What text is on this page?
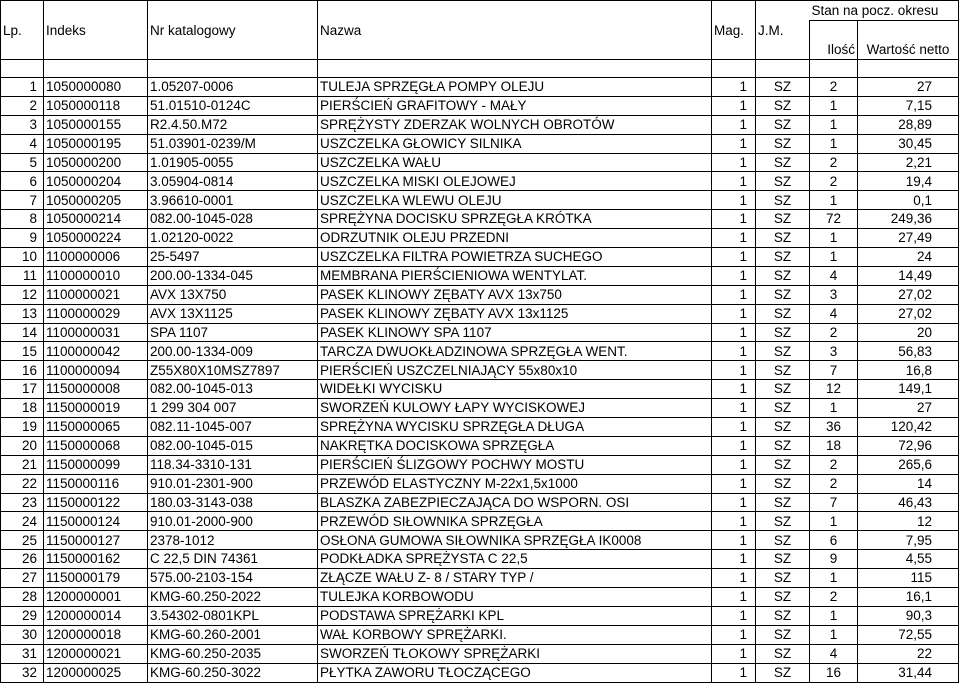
						Stan na pocz. okresu	
Lp.	Indeks	Nr katalogowy	Nazwa	Mag.	J.M.		
						Ilość	Wartość netto

1	1050000080	1.05207-0006	TULEJA SPRZĘGŁA POMPY OLEJU	1	SZ	2	27
2	1050000118	51.01510-0124C	PIERŚCIEŃ GRAFITOWY - MAŁY	1	SZ	1	7,15
3	1050000155	R2.4.50.M72	SPRĘŻYSTY ZDERZAK WOLNYCH OBROTÓW	1	SZ	1	28,89
4	1050000195	51.03901-0239/M	USZCZELKA GŁOWICY SILNIKA	1	SZ	1	30,45
5	1050000200	1.01905-0055	USZCZELKA WAŁU	1	SZ	2	2,21
6	1050000204	3.05904-0814	USZCZELKA MISKI OLEJOWEJ	1	SZ	2	19,4
7	1050000205	3.96610-0001	USZCZELKA WLEWU OLEJU	1	SZ	1	0,1
8	1050000214	082.00-1045-028	SPRĘŻYNA DOCISKU SPRZĘGŁA KRÓTKA	1	SZ	72	249,36
9	1050000224	1.02120-0022	ODRZUTNIK OLEJU PRZEDNI	1	SZ	1	27,49
10	1100000006	25-5497	USZCZELKA FILTRA POWIETRZA SUCHEGO	1	SZ	1	24
11	1100000010	200.00-1334-045	MEMBRANA PIERŚCIENIOWA WENTYLAT.	1	SZ	4	14,49
12	1100000021	AVX 13X750	PASEK KLINOWY ZĘBATY AVX 13x750	1	SZ	3	27,02
13	1100000029	AVX 13X1125	PASEK KLINOWY ZĘBATY AVX 13x1125	1	SZ	4	27,02
14	1100000031	SPA 1107	PASEK KLINOWY SPA 1107	1	SZ	2	20
15	1100000042	200.00-1334-009	TARCZA DWUOKŁADZINOWA SPRZĘGŁA WENT.	1	SZ	3	56,83
16	1100000094	Z55X80X10MSZ7897	PIERŚCIEŃ USZCZELNIAJĄCY 55x80x10	1	SZ	7	16,8
17	1150000008	082.00-1045-013	WIDEŁKI WYCISKU	1	SZ	12	149,1
18	1150000019	1 299 304 007	SWORZEŃ KULOWY ŁAPY WYCISKOWEJ	1	SZ	1	27
19	1150000065	082.11-1045-007	SPRĘŻYNA WYCISKU SPRZĘGŁA DŁUGA	1	SZ	36	120,42
20	1150000068	082.00-1045-015	NAKRĘTKA DOCISKOWA SPRZĘGŁA	1	SZ	18	72,96
21	1150000099	118.34-3310-131	PIERŚCIEŃ ŚLIZGOWY POCHWY MOSTU	1	SZ	2	265,6
22	1150000116	910.01-2301-900	PRZEWÓD ELASTYCZNY M-22x1,5x1000	1	SZ	2	14
23	1150000122	180.03-3143-038	BLASZKA ZABEZPIECZAJĄCA DO WSPORN. OSI	1	SZ	7	46,43
24	1150000124	910.01-2000-900	PRZEWÓD SIŁOWNIKA SPRZĘGŁA	1	SZ	1	12
25	1150000127	2378-1012	OSŁONA GUMOWA SIŁOWNIKA SPRZĘGŁA IK0008	1	SZ	6	7,95
26	1150000162	C 22,5 DIN 74361	PODKŁADKA SPRĘŻYSTA C 22,5	1	SZ	9	4,55
27	1150000179	575.00-2103-154	ZŁĄCZE WAŁU Z- 8 / STARY TYP /	1	SZ	1	115
28	1200000001	KMG-60.250-2022	TULEJKA KORBOWODU	1	SZ	2	16,1
29	1200000014	3.54302-0801KPL	PODSTAWA SPRĘŻARKI KPL	1	SZ	1	90,3
30	1200000018	KMG-60.260-2001	WAŁ KORBOWY SPRĘŻARKI.	1	SZ	1	72,55
31	1200000021	KMG-60.250-2035	SWORZEŃ TŁOKOWY SPRĘŻARKI	1	SZ	4	22
32	1200000025	KMG-60.250-3022	PŁYTKA ZAWORU TŁOCZĄCEGO	1	SZ	16	31,44
